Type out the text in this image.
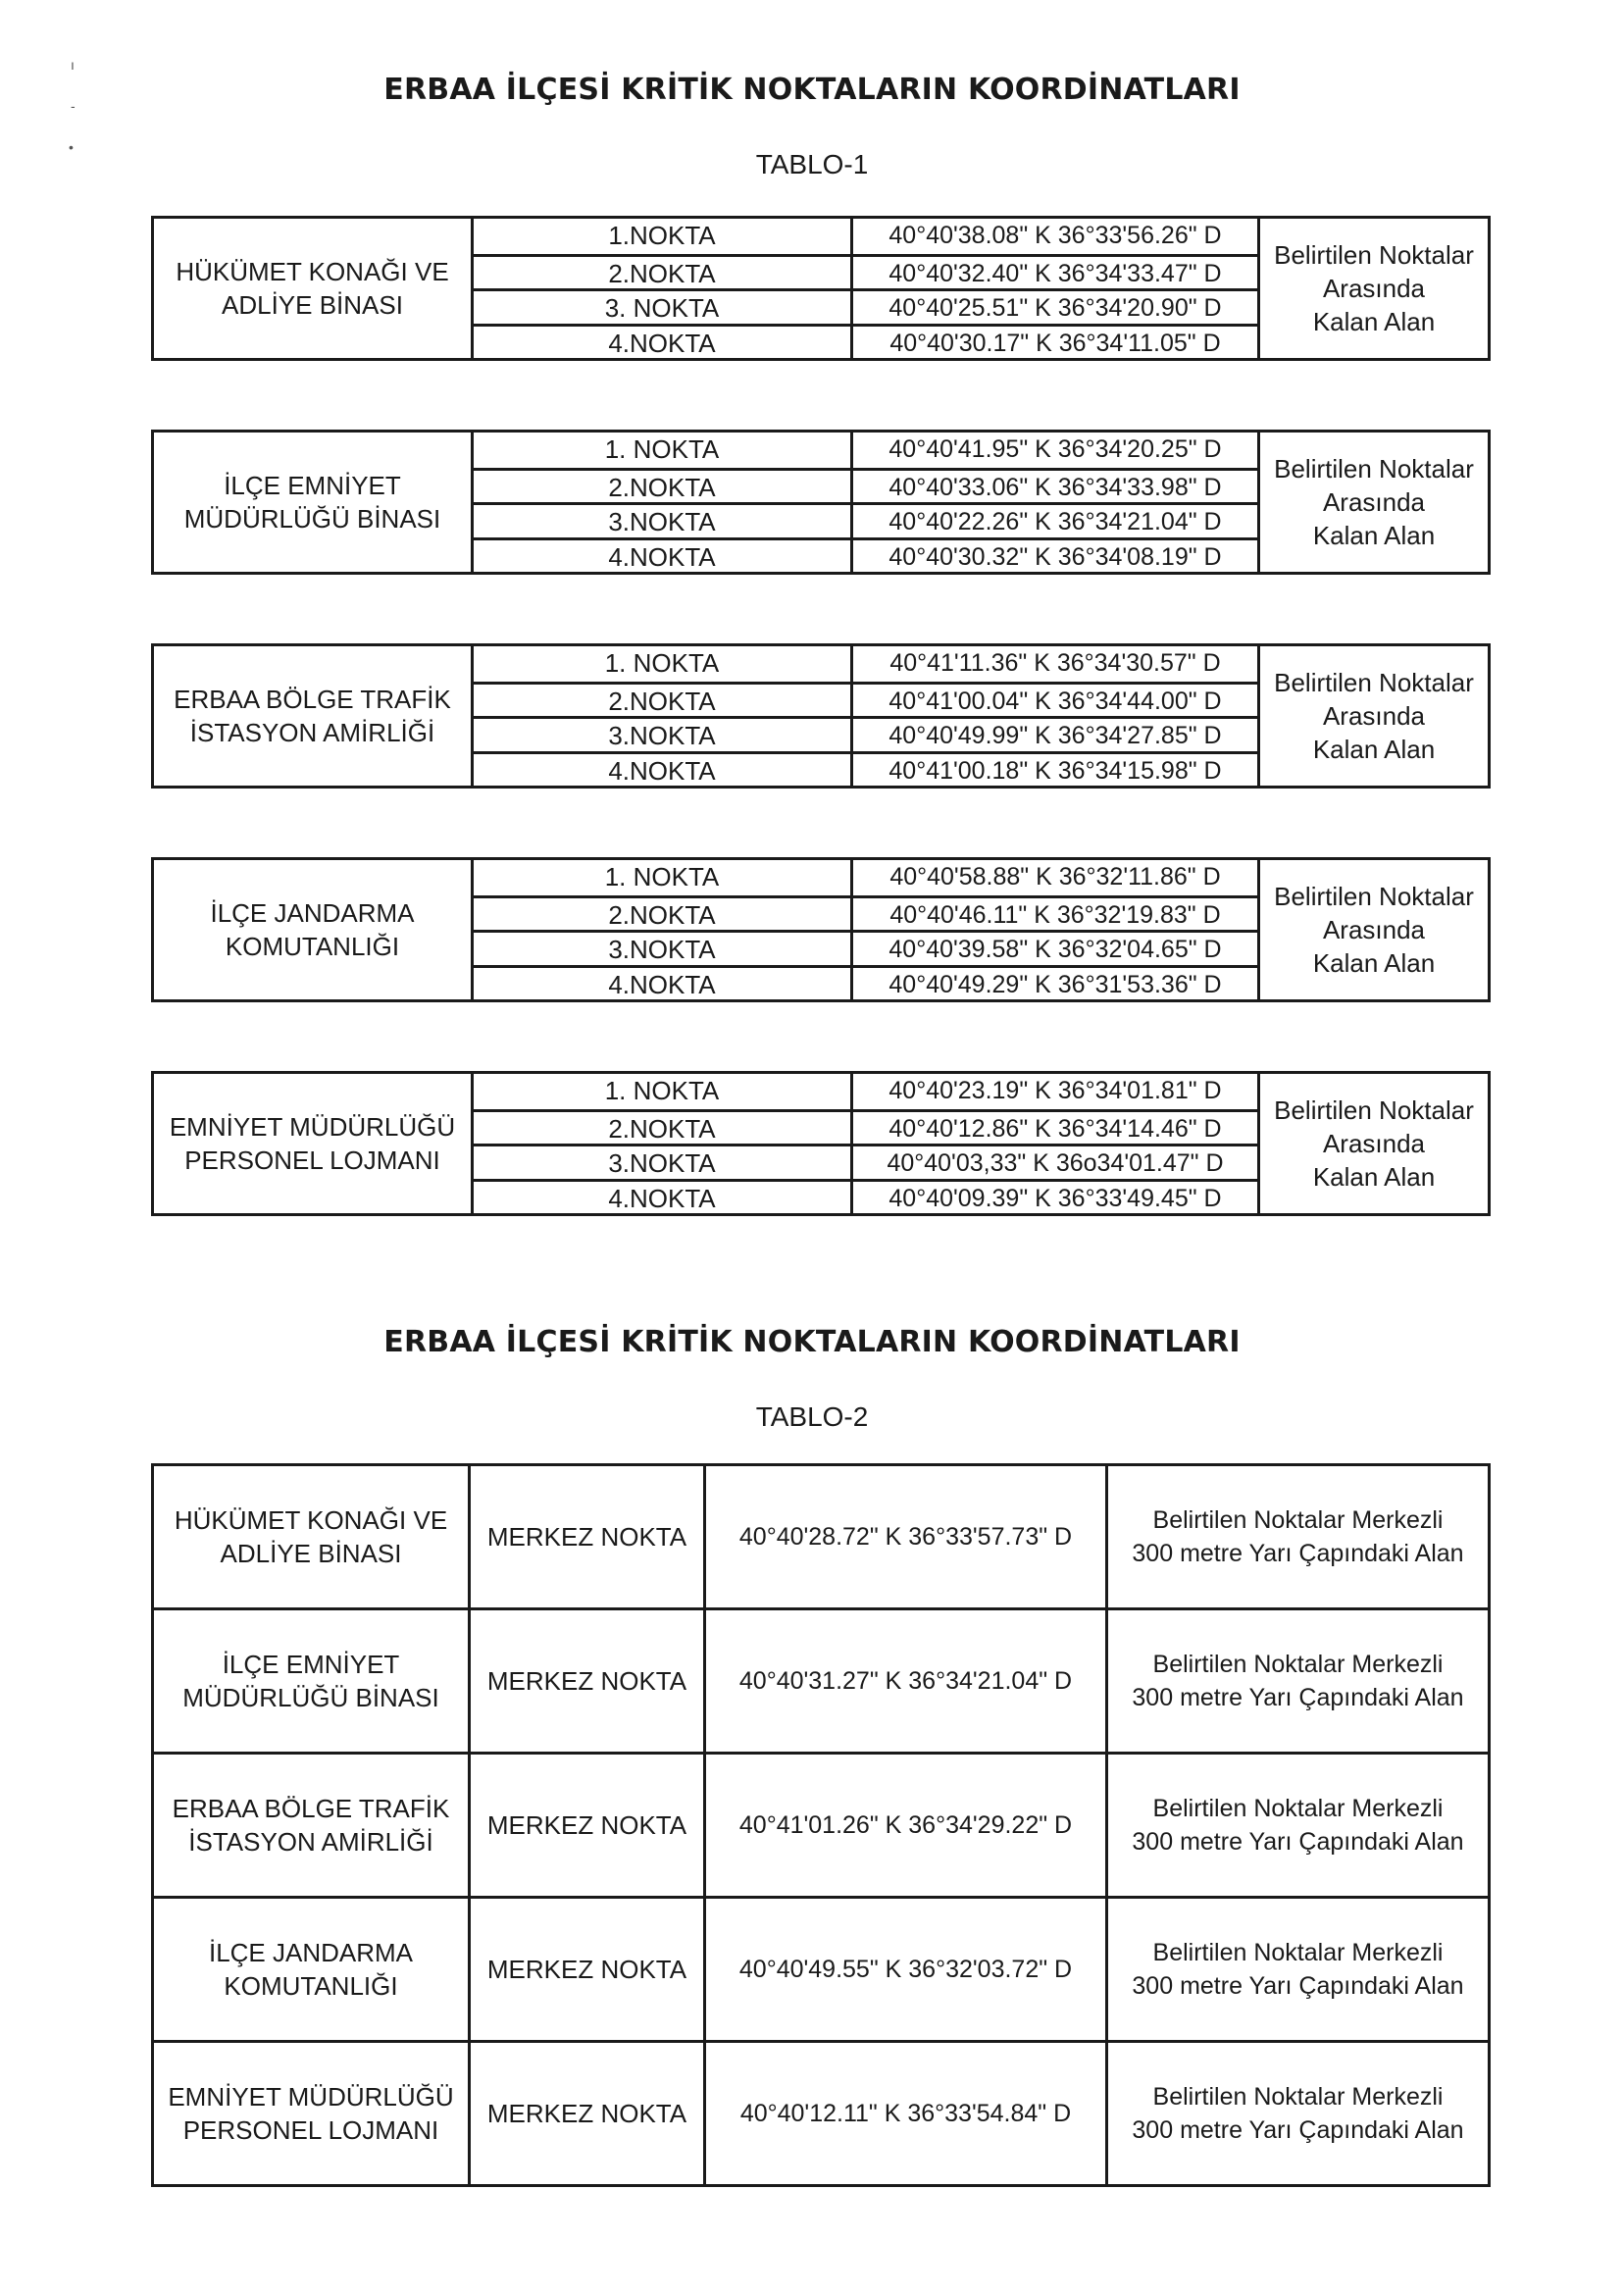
ı
-
•
ERBAA İLÇESİ KRİTİK NOKTALARIN KOORDİNATLARI
TABLO-1
HÜKÜMET KONAĞI VE
ADLİYE BİNASI
1.NOKTA	40°40'38.08" K 36°33'56.26" D
2.NOKTA	40°40'32.40" K 36°34'33.47" D
3. NOKTA	40°40'25.51" K 36°34'20.90" D
4.NOKTA	40°40'30.17" K 36°34'11.05" D
Belirtilen Noktalar Arasında
Kalan Alan
İLÇE EMNİYET
MÜDÜRLÜĞÜ BİNASI
1. NOKTA	40°40'41.95" K 36°34'20.25" D
2.NOKTA	40°40'33.06" K 36°34'33.98" D
3.NOKTA	40°40'22.26" K 36°34'21.04" D
4.NOKTA	40°40'30.32" K 36°34'08.19" D
Belirtilen Noktalar Arasında
Kalan Alan
ERBAA BÖLGE TRAFİK
İSTASYON AMİRLİĞİ
1. NOKTA	40°41'11.36" K 36°34'30.57" D
2.NOKTA	40°41'00.04" K 36°34'44.00" D
3.NOKTA	40°40'49.99" K 36°34'27.85" D
4.NOKTA	40°41'00.18" K 36°34'15.98" D
Belirtilen Noktalar Arasında
Kalan Alan
İLÇE JANDARMA
KOMUTANLIĞI
1. NOKTA	40°40'58.88" K 36°32'11.86" D
2.NOKTA	40°40'46.11" K 36°32'19.83" D
3.NOKTA	40°40'39.58" K 36°32'04.65" D
4.NOKTA	40°40'49.29" K 36°31'53.36" D
Belirtilen Noktalar Arasında
Kalan Alan
EMNİYET MÜDÜRLÜĞÜ
PERSONEL LOJMANI
1. NOKTA	40°40'23.19" K 36°34'01.81" D
2.NOKTA	40°40'12.86" K 36°34'14.46" D
3.NOKTA	40°40'03,33" K 36o34'01.47" D
4.NOKTA	40°40'09.39" K 36°33'49.45" D
Belirtilen Noktalar Arasında
Kalan Alan
ERBAA İLÇESİ KRİTİK NOKTALARIN KOORDİNATLARI
TABLO-2
HÜKÜMET KONAĞI VE
ADLİYE BİNASI	MERKEZ NOKTA	40°40'28.72" K 36°33'57.73" D	Belirtilen Noktalar Merkezli
300 metre Yarı Çapındaki Alan
İLÇE EMNİYET
MÜDÜRLÜĞÜ BİNASI	MERKEZ NOKTA	40°40'31.27" K 36°34'21.04" D	Belirtilen Noktalar Merkezli
300 metre Yarı Çapındaki Alan
ERBAA BÖLGE TRAFİK
İSTASYON AMİRLİĞİ	MERKEZ NOKTA	40°41'01.26" K 36°34'29.22" D	Belirtilen Noktalar Merkezli
300 metre Yarı Çapındaki Alan
İLÇE JANDARMA
KOMUTANLIĞI	MERKEZ NOKTA	40°40'49.55" K 36°32'03.72" D	Belirtilen Noktalar Merkezli
300 metre Yarı Çapındaki Alan
EMNİYET MÜDÜRLÜĞÜ
PERSONEL LOJMANI	MERKEZ NOKTA	40°40'12.11" K 36°33'54.84" D	Belirtilen Noktalar Merkezli
300 metre Yarı Çapındaki Alan
